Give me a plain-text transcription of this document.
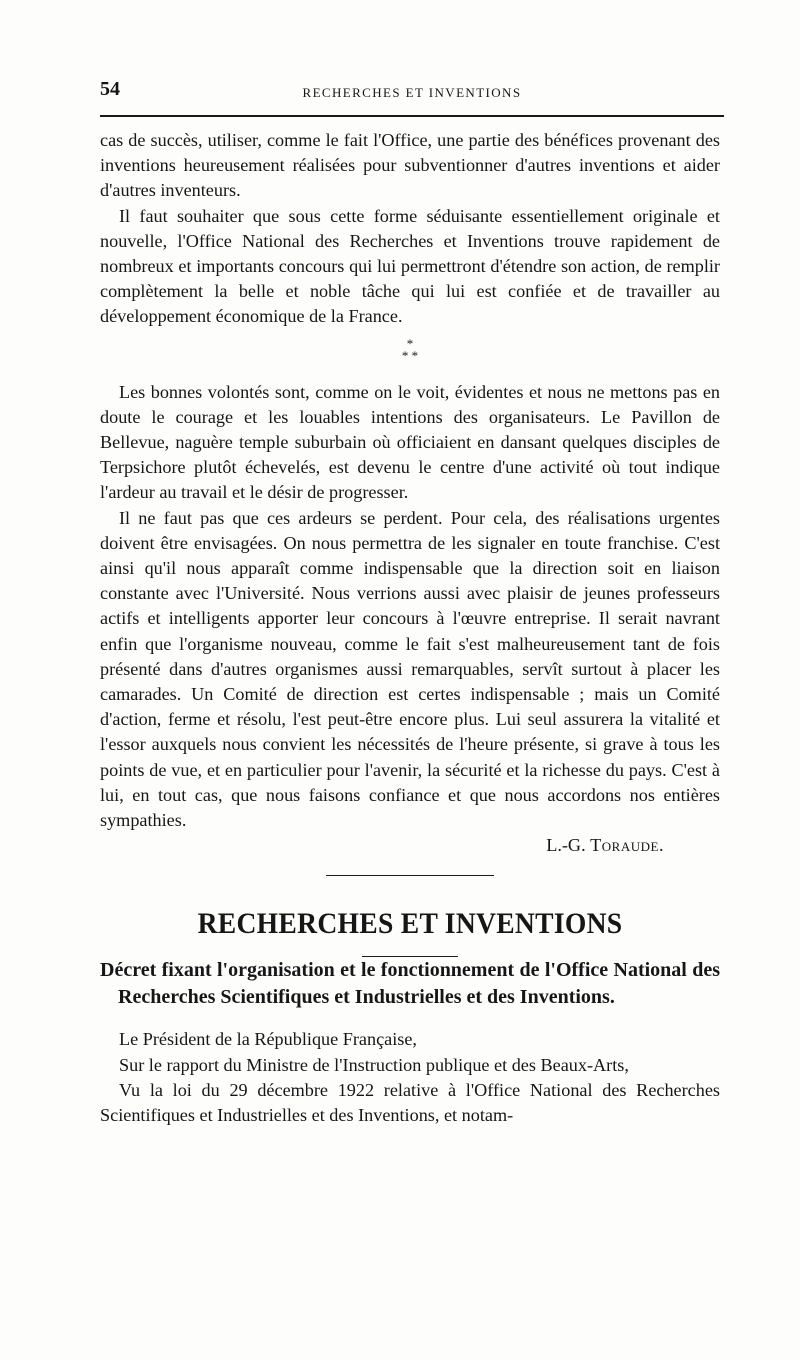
54	RECHERCHES ET INVENTIONS

cas de succès, utiliser, comme le fait l'Office, une partie des bénéfices provenant des inventions heureusement réalisées pour subventionner d'autres inventions et aider d'autres inventeurs.

Il faut souhaiter que sous cette forme séduisante essentiellement originale et nouvelle, l'Office National des Recherches et Inventions trouve rapidement de nombreux et importants concours qui lui permettront d'étendre son action, de remplir complètement la belle et noble tâche qui lui est confiée et de travailler au développement économique de la France.

*
* *

Les bonnes volontés sont, comme on le voit, évidentes et nous ne mettons pas en doute le courage et les louables intentions des organisateurs. Le Pavillon de Bellevue, naguère temple suburbain où officiaient en dansant quelques disciples de Terpsichore plutôt échevelés, est devenu le centre d'une activité où tout indique l'ardeur au travail et le désir de progresser.

Il ne faut pas que ces ardeurs se perdent. Pour cela, des réalisations urgentes doivent être envisagées. On nous permettra de les signaler en toute franchise. C'est ainsi qu'il nous apparaît comme indispensable que la direction soit en liaison constante avec l'Université. Nous verrions aussi avec plaisir de jeunes professeurs actifs et intelligents apporter leur concours à l'œuvre entreprise. Il serait navrant enfin que l'organisme nouveau, comme le fait s'est malheureusement tant de fois présenté dans d'autres organismes aussi remarquables, servît surtout à placer les camarades. Un Comité de direction est certes indispensable ; mais un Comité d'action, ferme et résolu, l'est peut-être encore plus. Lui seul assurera la vitalité et l'essor auxquels nous convient les nécessités de l'heure présente, si grave à tous les points de vue, et en particulier pour l'avenir, la sécurité et la richesse du pays. C'est à lui, en tout cas, que nous faisons confiance et que nous accordons nos entières sympathies.

L.-G. Toraude.

RECHERCHES ET INVENTIONS

Décret fixant l'organisation et le fonctionnement de l'Office National des Recherches Scientifiques et Industrielles et des Inventions.

Le Président de la République Française,

Sur le rapport du Ministre de l'Instruction publique et des Beaux-Arts,

Vu la loi du 29 décembre 1922 relative à l'Office National des Recherches Scientifiques et Industrielles et des Inventions, et notam-
